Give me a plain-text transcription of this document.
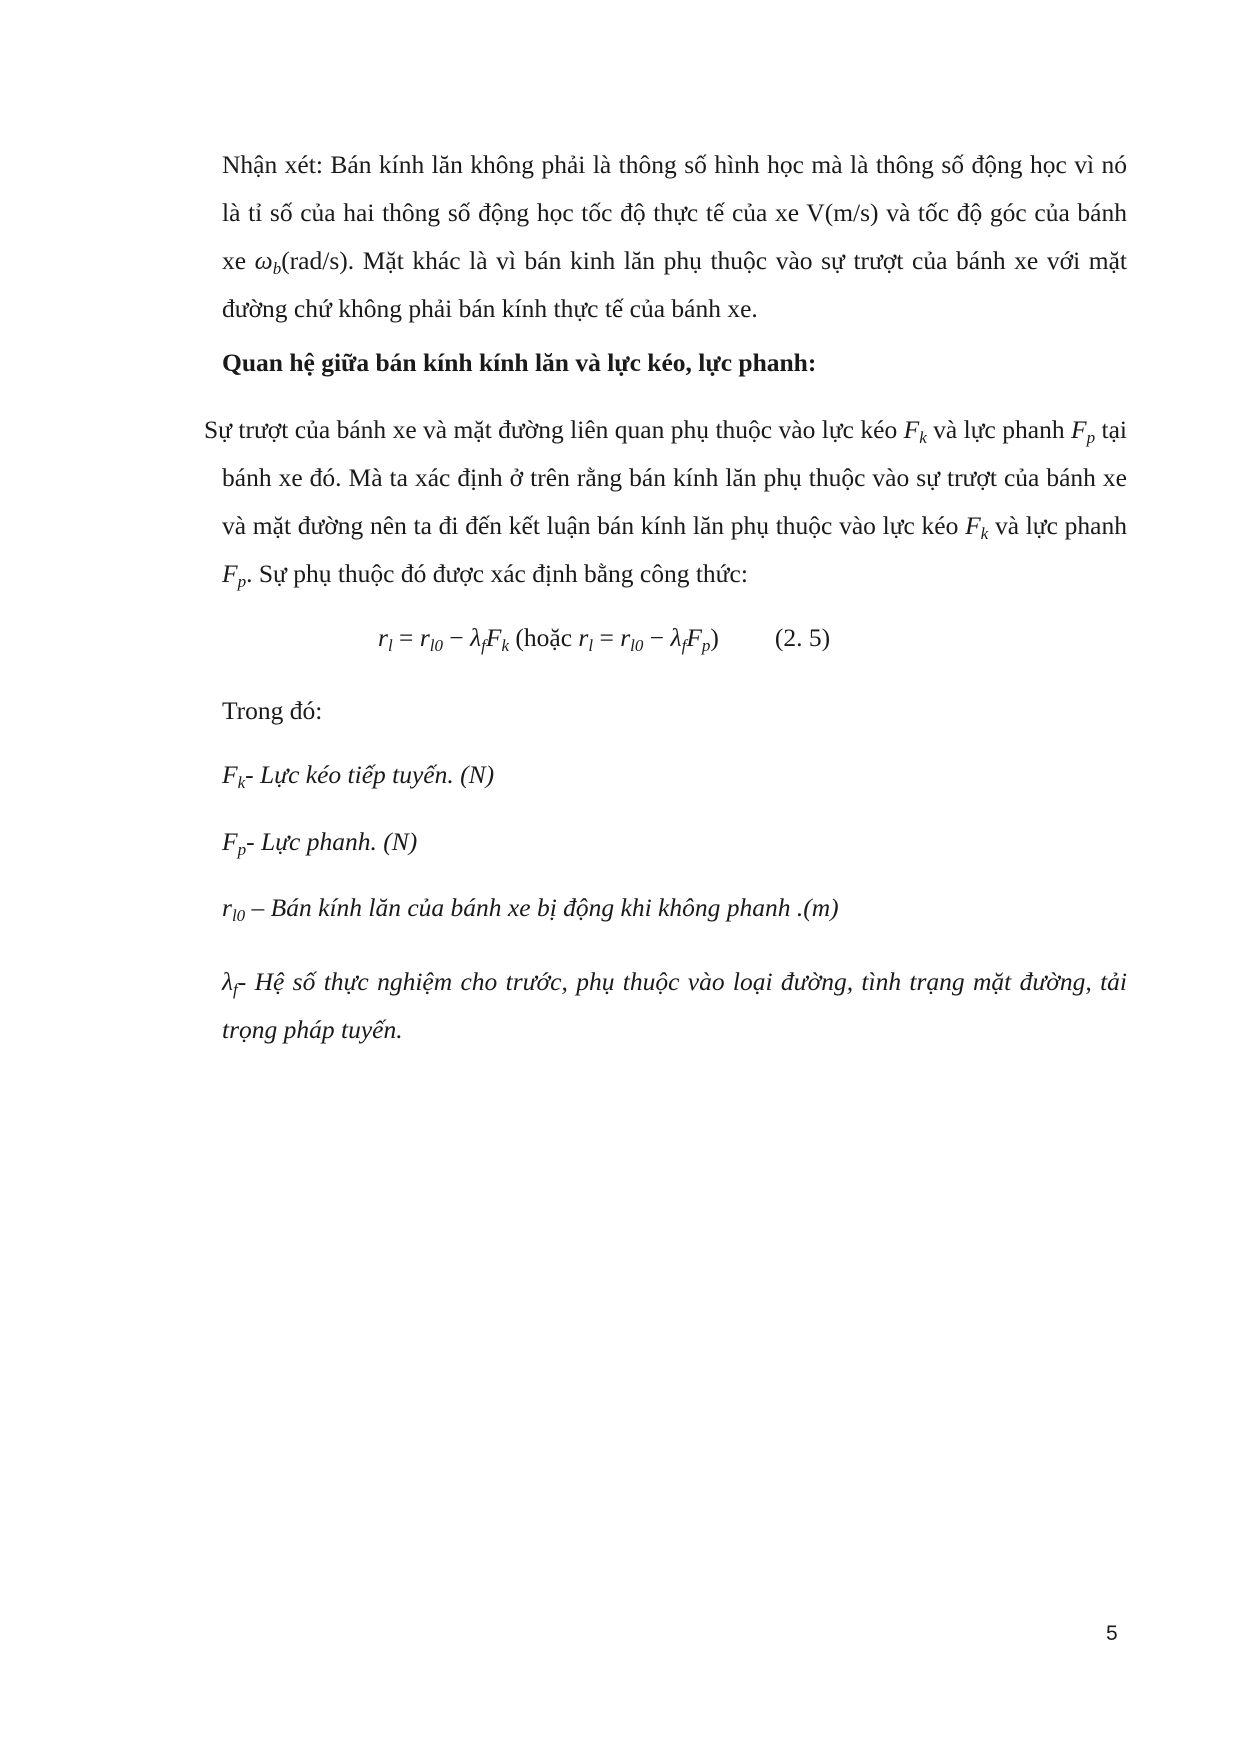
Nhận xét: Bán kính lăn không phải là thông số hình học mà là thông số động học vì nó là tỉ số của hai thông số động học tốc độ thực tế của xe V(m/s) và tốc độ góc của bánh xe $\omega_b(rad/s)$. Mặt khác là vì bán kinh lăn phụ thuộc vào sự trượt của bánh xe với mặt đường chứ không phải bán kính thực tế của bánh xe.

Quan hệ giữa bán kính kính lăn và lực kéo, lực phanh:

Sự trượt của bánh xe và mặt đường liên quan phụ thuộc vào lực kéo $F_k$ và lực phanh $F_p$ tại bánh xe đó. Mà ta xác định ở trên rằng bán kính lăn phụ thuộc vào sự trượt của bánh xe và mặt đường nên ta đi đến kết luận bán kính lăn phụ thuộc vào lực kéo $F_k$ và lực phanh $F_p$. Sự phụ thuộc đó được xác định bằng công thức:

$r_l = r_{l0} - \lambda_fF_k$ (hoặc $r_l = r_{l0} - \lambda_fF_p$) (2. 5)

Trong đó:

$F_k-$ Lực kéo tiếp tuyến. (N)

$F_p-$ Lực phanh. (N)

$r_{l0}$ – Bán kính lăn của bánh xe bị động khi không phanh .(m)

$\lambda_f-$ Hệ số thực nghiệm cho trước, phụ thuộc vào loại đường, tình trạng mặt đường, tải trọng pháp tuyến.

5
